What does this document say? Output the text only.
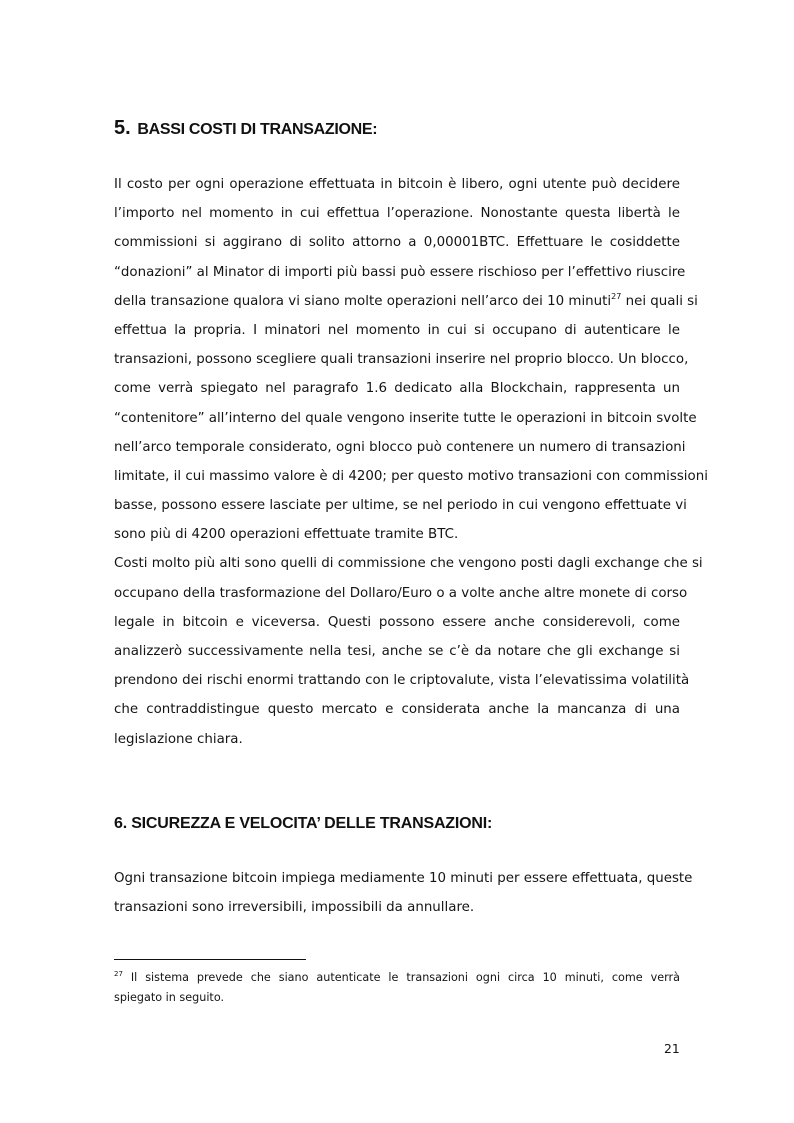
5. BASSI COSTI DI TRANSAZIONE:
Il costo per ogni operazione effettuata in bitcoin è libero, ogni utente può decidere
l’importo nel momento in cui effettua l’operazione. Nonostante questa libertà le
commissioni si aggirano di solito attorno a 0,00001BTC. Effettuare le cosiddette
“donazioni” al Minator di importi più bassi può essere rischioso per l’effettivo riuscire
della transazione qualora vi siano molte operazioni nell’arco dei 10 minuti$^{27}$ nei quali si
effettua la propria. I minatori nel momento in cui si occupano di autenticare le
transazioni, possono scegliere quali transazioni inserire nel proprio blocco. Un blocco,
come verrà spiegato nel paragrafo 1.6 dedicato alla Blockchain, rappresenta un
“contenitore” all’interno del quale vengono inserite tutte le operazioni in bitcoin svolte
nell’arco temporale considerato, ogni blocco può contenere un numero di transazioni
limitate, il cui massimo valore è di 4200; per questo motivo transazioni con commissioni
basse, possono essere lasciate per ultime, se nel periodo in cui vengono effettuate vi
sono più di 4200 operazioni effettuate tramite BTC.
Costi molto più alti sono quelli di commissione che vengono posti dagli exchange che si
occupano della trasformazione del Dollaro/Euro o a volte anche altre monete di corso
legale in bitcoin e viceversa. Questi possono essere anche considerevoli, come
analizzerò successivamente nella tesi, anche se c’è da notare che gli exchange si
prendono dei rischi enormi trattando con le criptovalute, vista l’elevatissima volatilità
che contraddistingue questo mercato e considerata anche la mancanza di una
legislazione chiara.
6. SICUREZZA E VELOCITA’ DELLE TRANSAZIONI:
Ogni transazione bitcoin impiega mediamente 10 minuti per essere effettuata, queste
transazioni sono irreversibili, impossibili da annullare.
$^{27}$ Il sistema prevede che siano autenticate le transazioni ogni circa 10 minuti, come verrà
spiegato in seguito.
21
